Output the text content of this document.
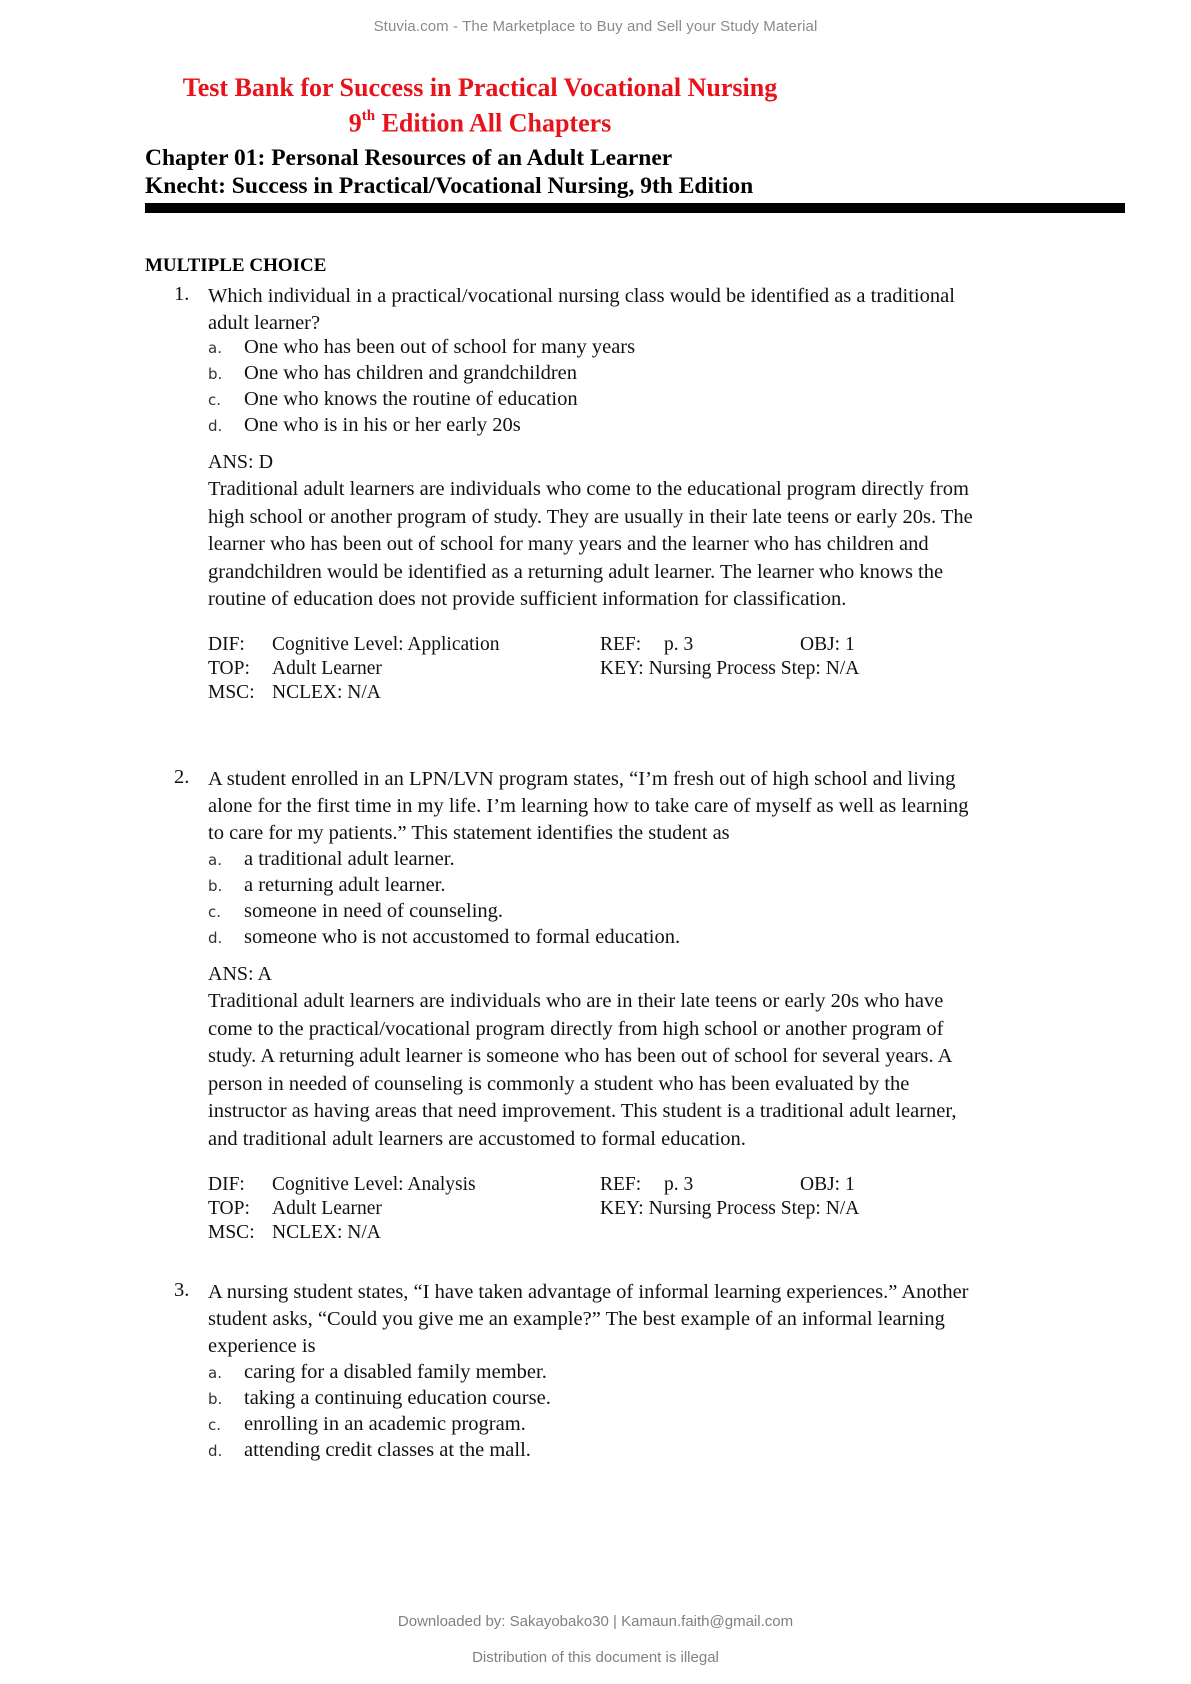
Stuvia.com - The Marketplace to Buy and Sell your Study Material
Test Bank for Success in Practical Vocational Nursing
9th Edition All Chapters
Chapter 01: Personal Resources of an Adult Learner
Knecht: Success in Practical/Vocational Nursing, 9th Edition
MULTIPLE CHOICE
1. Which individual in a practical/vocational nursing class would be identified as a traditional
adult learner?
a. One who has been out of school for many years
b. One who has children and grandchildren
c. One who knows the routine of education
d. One who is in his or her early 20s
ANS: D
Traditional adult learners are individuals who come to the educational program directly from
high school or another program of study. They are usually in their late teens or early 20s. The
learner who has been out of school for many years and the learner who has children and
grandchildren would be identified as a returning adult learner. The learner who knows the
routine of education does not provide sufficient information for classification.
DIF: Cognitive Level: Application	REF: p. 3	OBJ: 1
TOP: Adult Learner	KEY: Nursing Process Step: N/A
MSC: NCLEX: N/A
2. A student enrolled in an LPN/LVN program states, “I’m fresh out of high school and living
alone for the first time in my life. I’m learning how to take care of myself as well as learning
to care for my patients.” This statement identifies the student as
a. a traditional adult learner.
b. a returning adult learner.
c. someone in need of counseling.
d. someone who is not accustomed to formal education.
ANS: A
Traditional adult learners are individuals who are in their late teens or early 20s who have
come to the practical/vocational program directly from high school or another program of
study. A returning adult learner is someone who has been out of school for several years. A
person in needed of counseling is commonly a student who has been evaluated by the
instructor as having areas that need improvement. This student is a traditional adult learner,
and traditional adult learners are accustomed to formal education.
DIF: Cognitive Level: Analysis	REF: p. 3	OBJ: 1
TOP: Adult Learner	KEY: Nursing Process Step: N/A
MSC: NCLEX: N/A
3. A nursing student states, “I have taken advantage of informal learning experiences.” Another
student asks, “Could you give me an example?” The best example of an informal learning
experience is
a. caring for a disabled family member.
b. taking a continuing education course.
c. enrolling in an academic program.
d. attending credit classes at the mall.
Downloaded by: Sakayobako30 | Kamaun.faith@gmail.com
Distribution of this document is illegal
